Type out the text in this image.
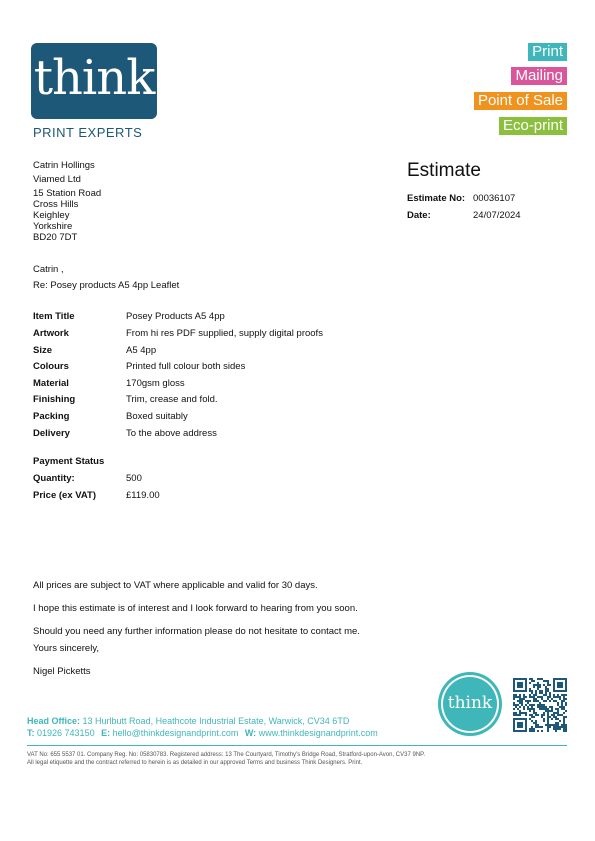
think
PRINT EXPERTS
Print
Mailing
Point of Sale
Eco-print
Catrin Hollings
Viamed Ltd
15 Station Road
Cross Hills
Keighley
Yorkshire
BD20 7DT
Estimate
Estimate No: 00036107
Date:	24/07/2024
Catrin ,
Re: Posey products A5 4pp Leaflet
Item Title	Posey Products A5 4pp
Artwork	From hi res PDF supplied, supply digital proofs
Size	A5 4pp
Colours	Printed full colour both sides
Material	170gsm gloss
Finishing	Trim, crease and fold.
Packing	Boxed suitably
Delivery	To the above address
Payment Status
Quantity:	500
Price (ex VAT)	£119.00
All prices are subject to VAT where applicable and valid for 30 days.
I hope this estimate is of interest and I look forward to hearing from you soon.
Should you need any further information please do not hesitate to contact me.
Yours sincerely,
Nigel Picketts
think
Head Office: 13 Hurlbutt Road, Heathcote Industrial Estate, Warwick, CV34 6TD
T: 01926 743150 E: hello@thinkdesignandprint.com W: www.thinkdesignandprint.com
VAT No: 655 5537 01. Company Reg. No: 05830783. Registered address: 13 The Courtyard, Timothy's Bridge Road, Stratford-upon-Avon, CV37 9NP.
All legal etiquette and the contract referred to herein is as detailed in our approved Terms and business Think Designers. Print.
